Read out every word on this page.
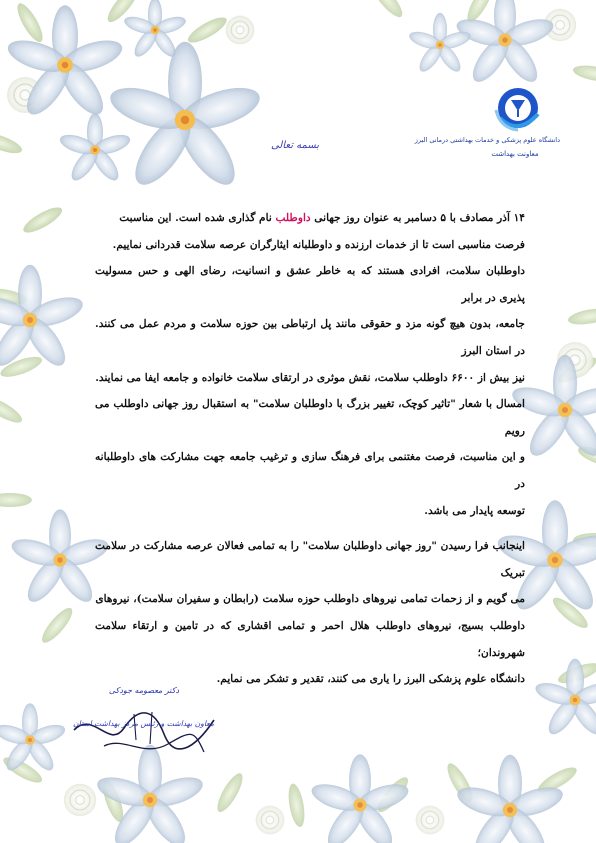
دانشگاه علوم پزشکی و خدمات بهداشتی درمانی البرز
معاونت بهداشت
بسمه تعالی

۱۴ آذر مصادف با ۵ دسامبر به عنوان روز جهانی داوطلب نام گذاری شده است. این مناسبت

فرصت مناسبی است تا از خدمات ارزنده و داوطلبانه ایثارگران عرصه سلامت قدردانی نماییم.

داوطلبان سلامت، افرادی هستند که به خاطر عشق و انسانیت، رضای الهی و حس مسولیت پذیری در برابر

جامعه، بدون هیچ گونه مزد و حقوقی مانند پل ارتباطی بین حوزه سلامت و مردم عمل می کنند. در استان البرز

نیز بیش از ۶۶۰۰ داوطلب سلامت، نقش موثری در ارتقای سلامت خانواده و جامعه ایفا می نمایند.

امسال با شعار "تاثیر کوچک، تغییر بزرگ با داوطلبان سلامت" به استقبال روز جهانی داوطلب می رویم

و این مناسبت، فرصت مغتنمی برای فرهنگ سازی و ترغیب جامعه جهت مشارکت های داوطلبانه در

توسعه پایدار می باشد.

اینجانب فرا رسیدن "روز جهانی داوطلبان سلامت" را به تمامی فعالان عرصه مشارکت در سلامت تبریک

می گویم و از زحمات تمامی نیروهای داوطلب حوزه سلامت (رابطان و سفیران سلامت)، نیروهای

داوطلب بسیج، نیروهای داوطلب هلال احمر و تمامی اقشاری که در تامین و ارتقاء سلامت شهروندان؛

دانشگاه علوم پزشکی البرز را یاری می کنند، تقدیر و تشکر می نمایم.

دکتر معصومه جودکی
معاون بهداشت و رئیس مرکز بهداشت استان
